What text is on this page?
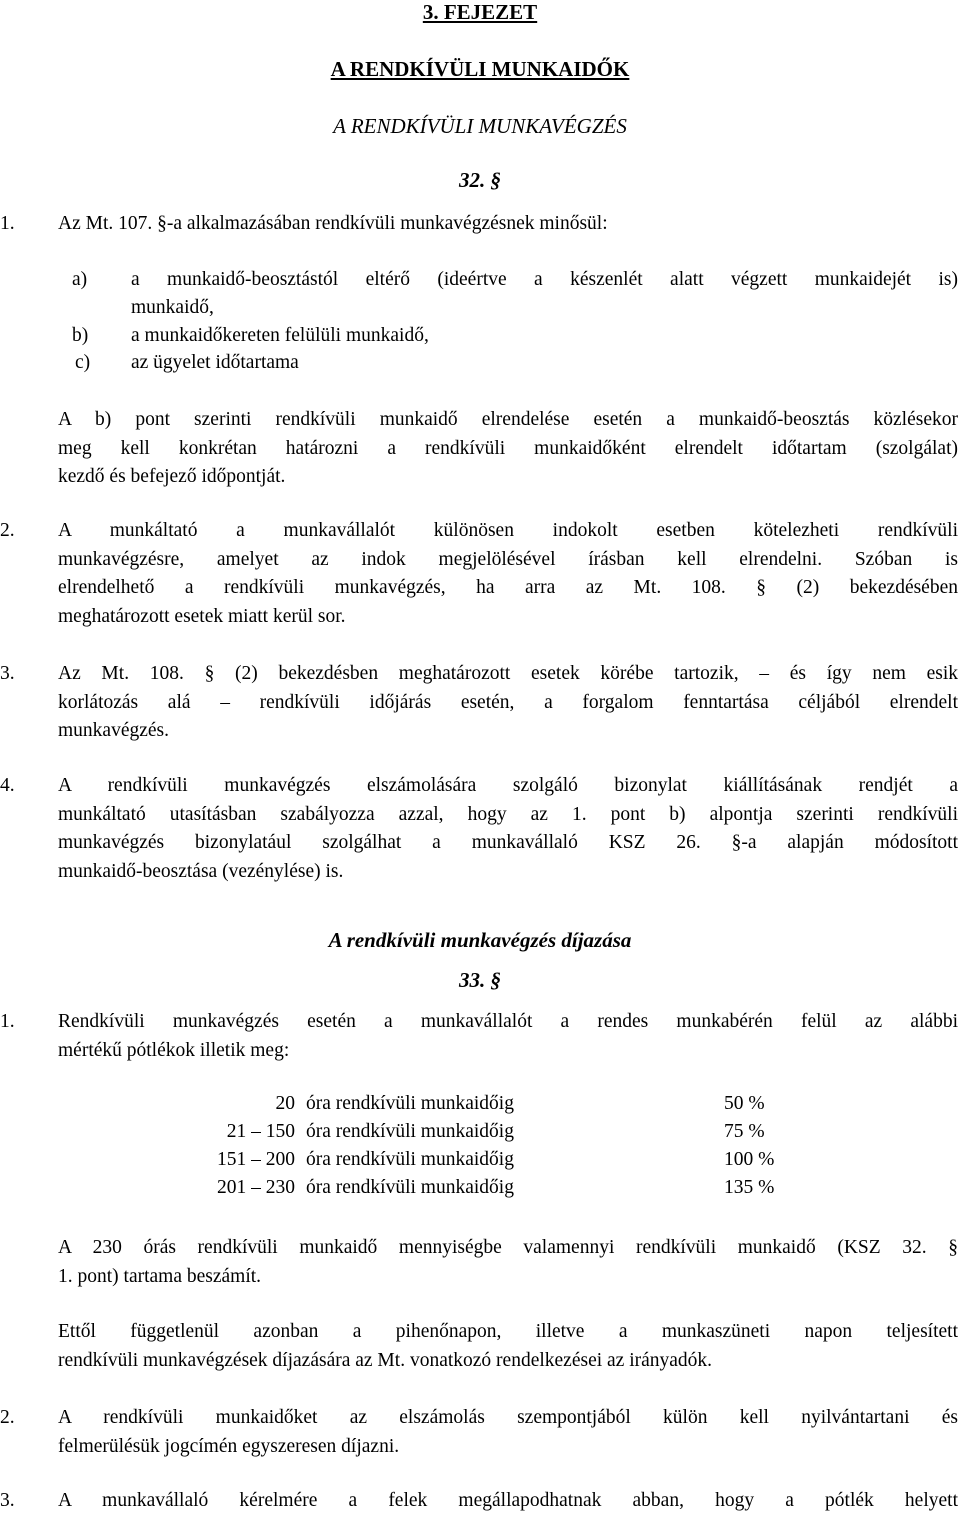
3. FEJEZET
A RENDKÍVÜLI MUNKAIDŐK
A RENDKÍVÜLI MUNKAVÉGZÉS
32. §
1. Az Mt. 107. §-a alkalmazásában rendkívüli munkavégzésnek minősül:
a) a munkaidő-beosztástól eltérő (ideértve a készenlét alatt végzett munkaidejét is)
munkaidő,
b) a munkaidőkereten felülüli munkaidő,
c) az ügyelet időtartama
A b) pont szerinti rendkívüli munkaidő elrendelése esetén a munkaidő-beosztás közlésekor
meg kell konkrétan határozni a rendkívüli munkaidőként elrendelt időtartam (szolgálat)
kezdő és befejező időpontját.
2. A munkáltató a munkavállalót különösen indokolt esetben kötelezheti rendkívüli
munkavégzésre, amelyet az indok megjelölésével írásban kell elrendelni. Szóban is
elrendelhető a rendkívüli munkavégzés, ha arra az Mt. 108. § (2) bekezdésében
meghatározott esetek miatt kerül sor.
3. Az Mt. 108. § (2) bekezdésben meghatározott esetek körébe tartozik, – és így nem esik
korlátozás alá – rendkívüli időjárás esetén, a forgalom fenntartása céljából elrendelt
munkavégzés.
4. A rendkívüli munkavégzés elszámolására szolgáló bizonylat kiállításának rendjét a
munkáltató utasításban szabályozza azzal, hogy az 1. pont b) alpontja szerinti rendkívüli
munkavégzés bizonylatául szolgálhat a munkavállaló KSZ 26. §-a alapján módosított
munkaidő-beosztása (vezénylése) is.
A rendkívüli munkavégzés díjazása
33. §
1. Rendkívüli munkavégzés esetén a munkavállalót a rendes munkabérén felül az alábbi
mértékű pótlékok illetik meg:
20 óra rendkívüli munkaidőig	50 %
21 – 150 óra rendkívüli munkaidőig	75 %
151 – 200 óra rendkívüli munkaidőig	100 %
201 – 230 óra rendkívüli munkaidőig	135 %
A 230 órás rendkívüli munkaidő mennyiségbe valamennyi rendkívüli munkaidő (KSZ 32. §
1. pont) tartama beszámít.
Ettől függetlenül azonban a pihenőnapon, illetve a munkaszüneti napon teljesített
rendkívüli munkavégzések díjazására az Mt. vonatkozó rendelkezései az irányadók.
2. A rendkívüli munkaidőket az elszámolás szempontjából külön kell nyilvántartani és
felmerülésük jogcímén egyszeresen díjazni.
3. A munkavállaló kérelmére a felek megállapodhatnak abban, hogy a pótlék helyett
